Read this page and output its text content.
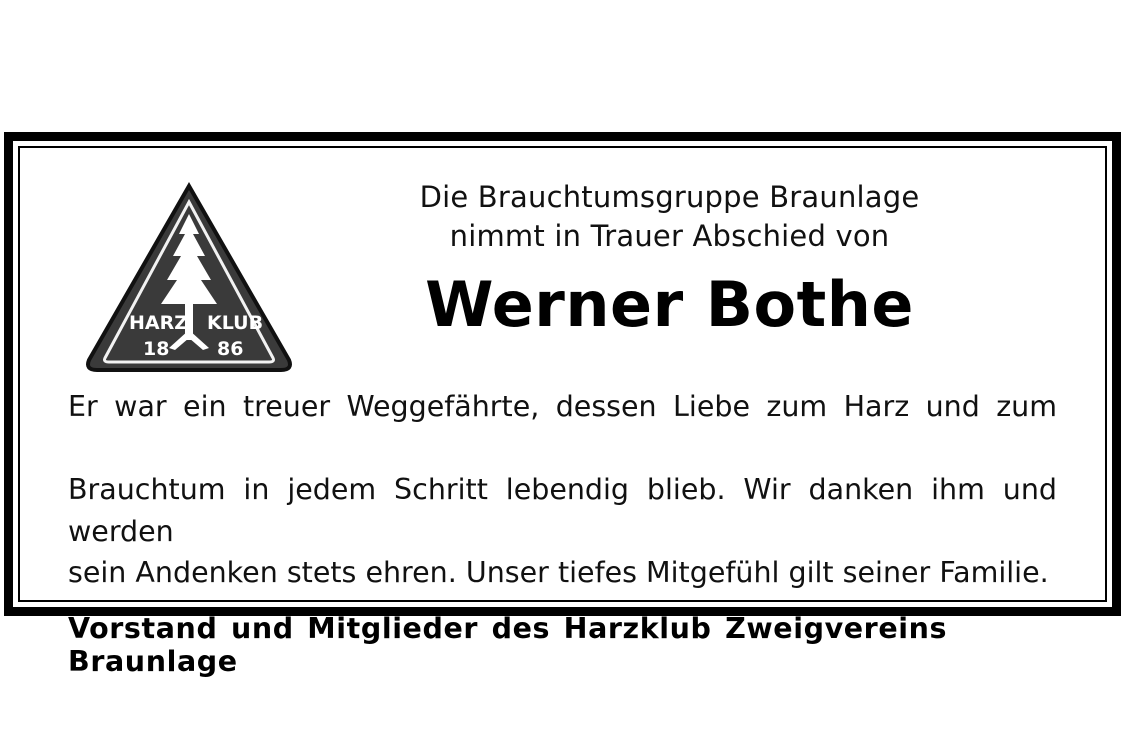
HARZ KLUB
18	86
Die Brauchtumsgruppe Braunlage
nimmt in Trauer Abschied von
Werner Bothe
Er war ein treuer Weggefährte, dessen Liebe zum Harz und zum
Brauchtum in jedem Schritt lebendig blieb. Wir danken ihm und werden
sein Andenken stets ehren. Unser tiefes Mitgefühl gilt seiner Familie.
Vorstand und Mitglieder des Harzklub Zweigvereins Braunlage
